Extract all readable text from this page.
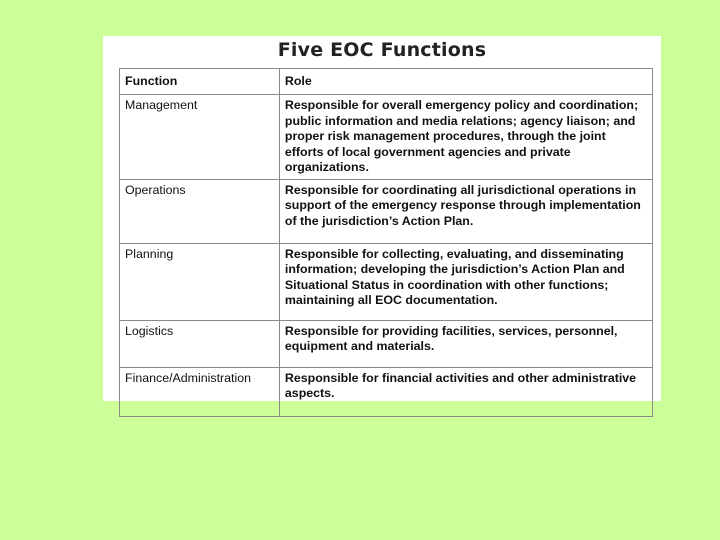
Five EOC Functions
Function	Role
Management	Responsible for overall emergency policy and coordination; public information and media relations; agency liaison; and proper risk management procedures, through the joint efforts of local government agencies and private organizations.
Operations	Responsible for coordinating all jurisdictional operations in support of the emergency response through implementation of the jurisdiction’s Action Plan.
Planning	Responsible for collecting, evaluating, and disseminating information; developing the jurisdiction’s Action Plan and Situational Status in coordination with other functions; maintaining all EOC documentation.
Logistics	Responsible for providing facilities, services, personnel, equipment and materials.
Finance/Administration	Responsible for financial activities and other administrative aspects.
